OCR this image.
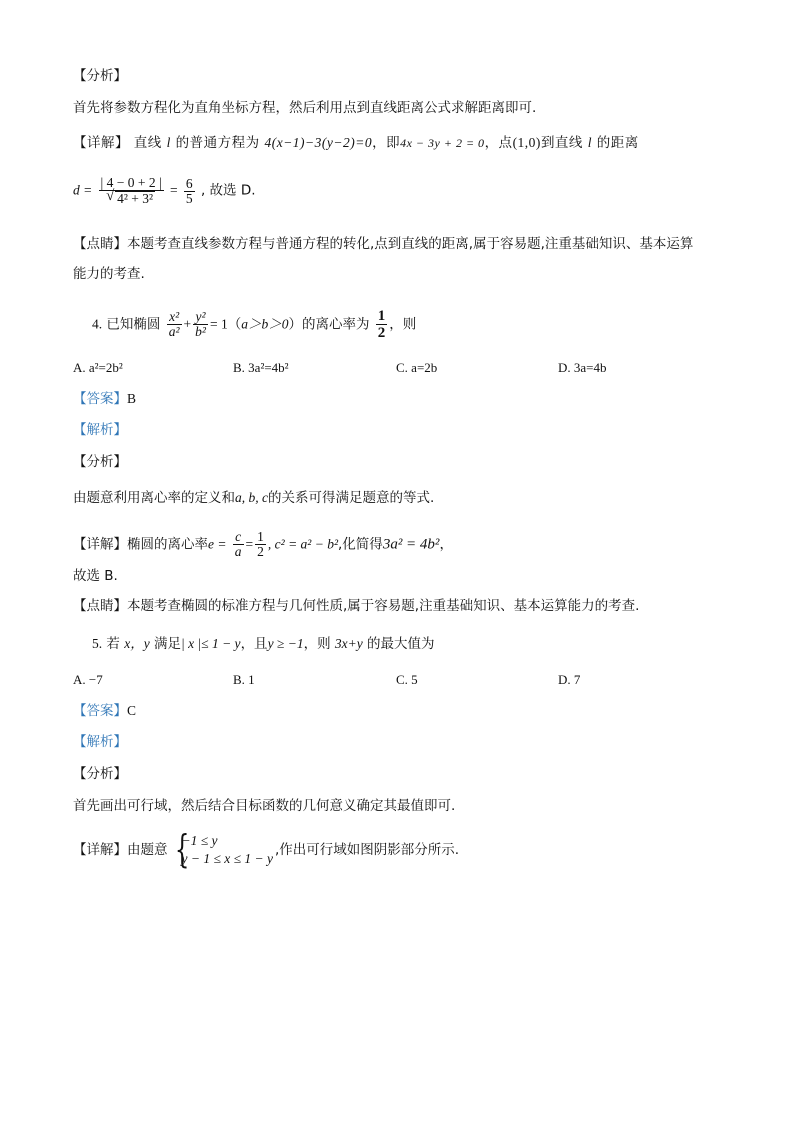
【分析】
首先将参数方程化为直角坐标方程，然后利用点到直线距离公式求解距离即可.
【详解】 直线 l 的普通方程为 4(x−1)−3(y−2)=0，即4x − 3y + 2 = 0，点(1,0)到直线 l 的距离
d = | 4 − 0 + 2 |
√ $4^2 + 3^2 = \frac{6}{5}$ , 故选 D.
【点睛】本题考查直线参数方程与普通方程的转化,点到直线的距离,属于容易题,注重基础知识、基本运算
能力的考查.
4. 已知椭圆 $\frac{\text{x²}}{\text{a²}} + \frac{\text{y²}}{\text{b²}} = 1(a>b>0)$的离心率为 $\frac{1}{2}$ ，则
A. a²=2b²	B. 3a²=4b²	C. a=2b	D. 3a=4b
【答案】B
【解析】
【分析】
由题意利用离心率的定义和a, b, c的关系可得满足题意的等式.
【详解】椭圆的离心率$e = \frac{c}{a} = \frac{1}{2}$ , c² = a² − b²,化简得3a² = 4b²，
故选 B.
【点睛】本题考查椭圆的标准方程与几何性质,属于容易题,注重基础知识、基本运算能力的考查.
5. 若 x，y 满足| x |≤ 1 − y，且y ≥ −1，则 3x+y 的最大值为
A. −7	B. 1	C. 5	D. 7
【答案】C
【解析】
【分析】
首先画出可行域，然后结合目标函数的几何意义确定其最值即可.
【详解】由题意 {
−1 ≤ y
y − 1 ≤ x ≤ 1 − y
,作出可行域如图阴影部分所示.
